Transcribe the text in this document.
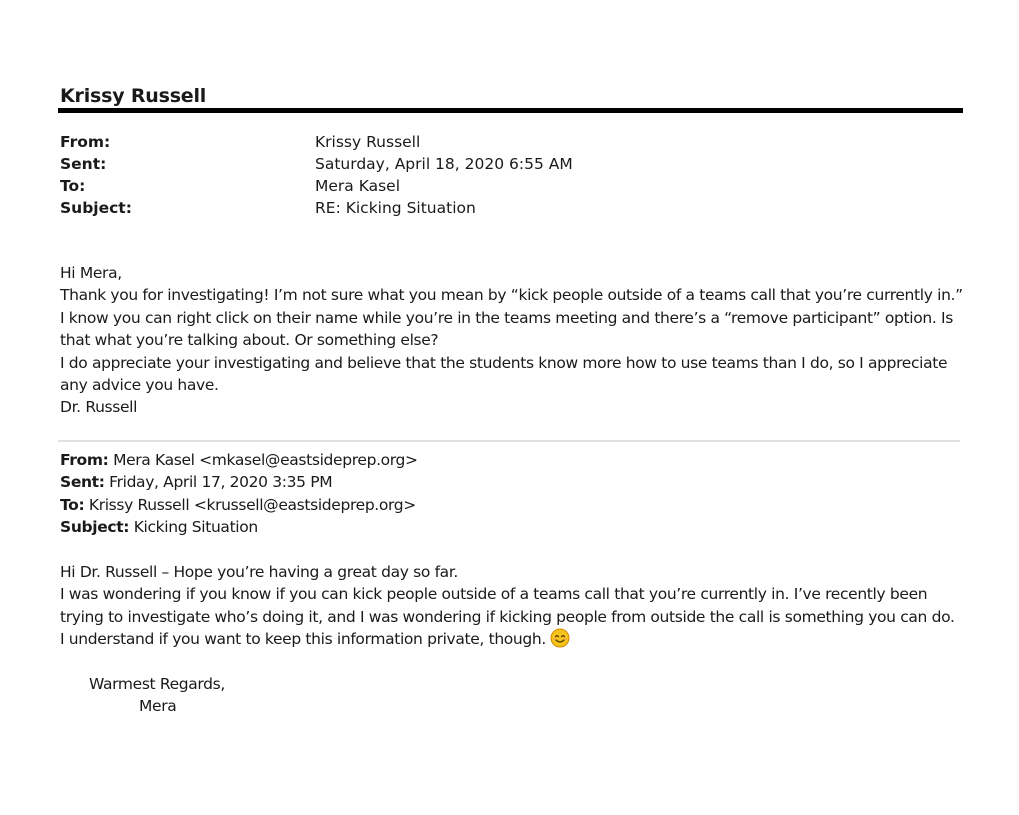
Krissy Russell
From:	Krissy Russell
Sent:	Saturday, April 18, 2020 6:55 AM
To:	Mera Kasel
Subject:	RE: Kicking Situation

Hi Mera,

Thank you for investigating! I’m not sure what you mean by “kick people outside of a teams call that you’re currently in.” I know you can right click on their name while you’re in the teams meeting and there’s a “remove participant” option. Is that what you’re talking about. Or something else?

I do appreciate your investigating and believe that the students know more how to use teams than I do, so I appreciate any advice you have.

Dr. Russell

From: Mera Kasel <mkasel@eastsideprep.org>
Sent: Friday, April 17, 2020 3:35 PM
To: Krissy Russell <krussell@eastsideprep.org>
Subject: Kicking Situation

Hi Dr. Russell – Hope you’re having a great day so far.

I was wondering if you know if you can kick people outside of a teams call that you’re currently in. I’ve recently been trying to investigate who’s doing it, and I was wondering if kicking people from outside the call is something you can do.

I understand if you want to keep this information private, though.

Warmest Regards,
Mera
